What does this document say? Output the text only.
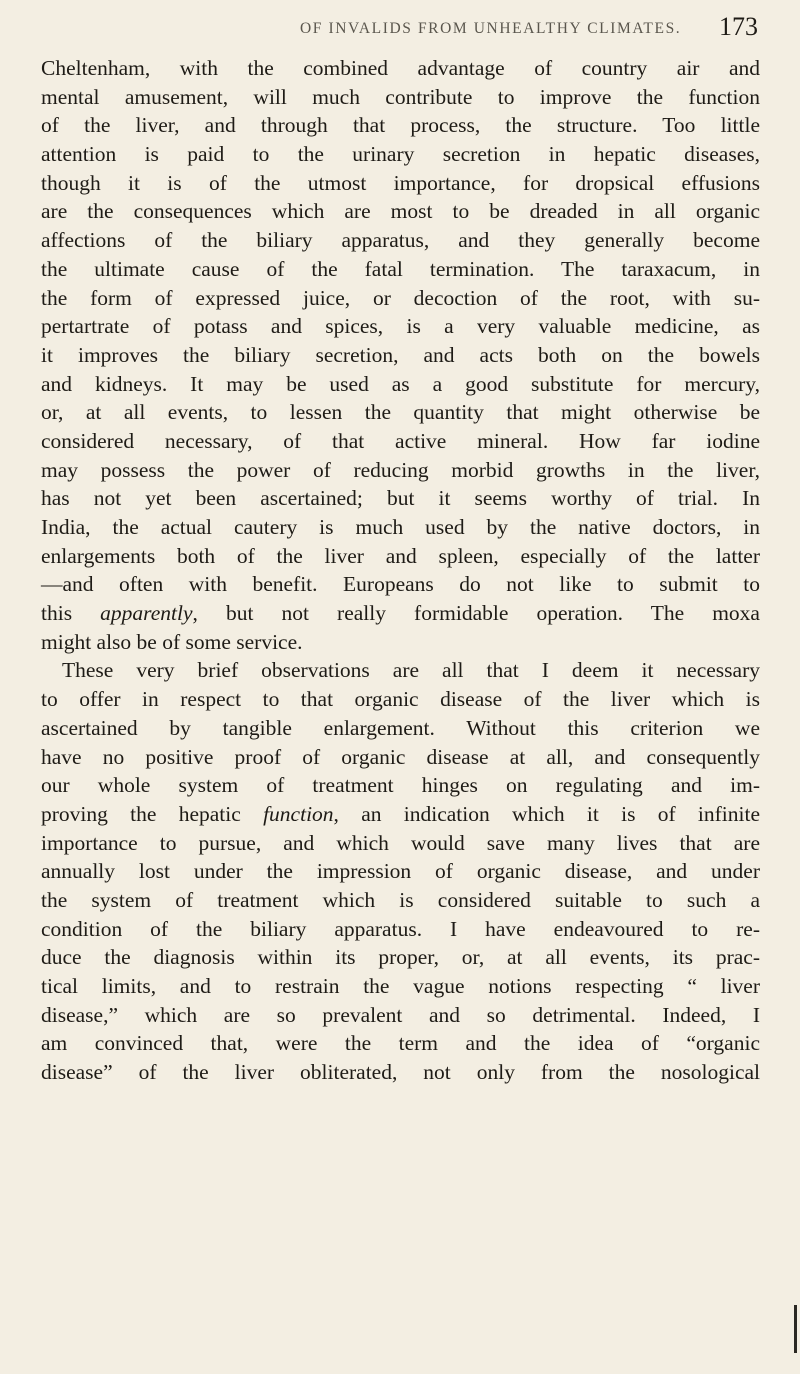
OF INVALIDS FROM UNHEALTHY CLIMATES. 173
Cheltenham, with the combined advantage of country air and
mental amusement, will much contribute to improve the function
of the liver, and through that process, the structure. Too little
attention is paid to the urinary secretion in hepatic diseases,
though it is of the utmost importance, for dropsical effusions
are the consequences which are most to be dreaded in all organic
affections of the biliary apparatus, and they generally become
the ultimate cause of the fatal termination. The taraxacum, in
the form of expressed juice, or decoction of the root, with su-
pertartrate of potass and spices, is a very valuable medicine, as
it improves the biliary secretion, and acts both on the bowels
and kidneys. It may be used as a good substitute for mercury,
or, at all events, to lessen the quantity that might otherwise be
considered necessary, of that active mineral. How far iodine
may possess the power of reducing morbid growths in the liver,
has not yet been ascertained; but it seems worthy of trial. In
India, the actual cautery is much used by the native doctors, in
enlargements both of the liver and spleen, especially of the latter
—and often with benefit. Europeans do not like to submit to
this apparently, but not really formidable operation. The moxa
might also be of some service.
These very brief observations are all that I deem it necessary
to offer in respect to that organic disease of the liver which is
ascertained by tangible enlargement. Without this criterion we
have no positive proof of organic disease at all, and consequently
our whole system of treatment hinges on regulating and im-
proving the hepatic function, an indication which it is of infinite
importance to pursue, and which would save many lives that are
annually lost under the impression of organic disease, and under
the system of treatment which is considered suitable to such a
condition of the biliary apparatus. I have endeavoured to re-
duce the diagnosis within its proper, or, at all events, its prac-
tical limits, and to restrain the vague notions respecting “ liver
disease,” which are so prevalent and so detrimental. Indeed, I
am convinced that, were the term and the idea of “organic
disease” of the liver obliterated, not only from the nosological
